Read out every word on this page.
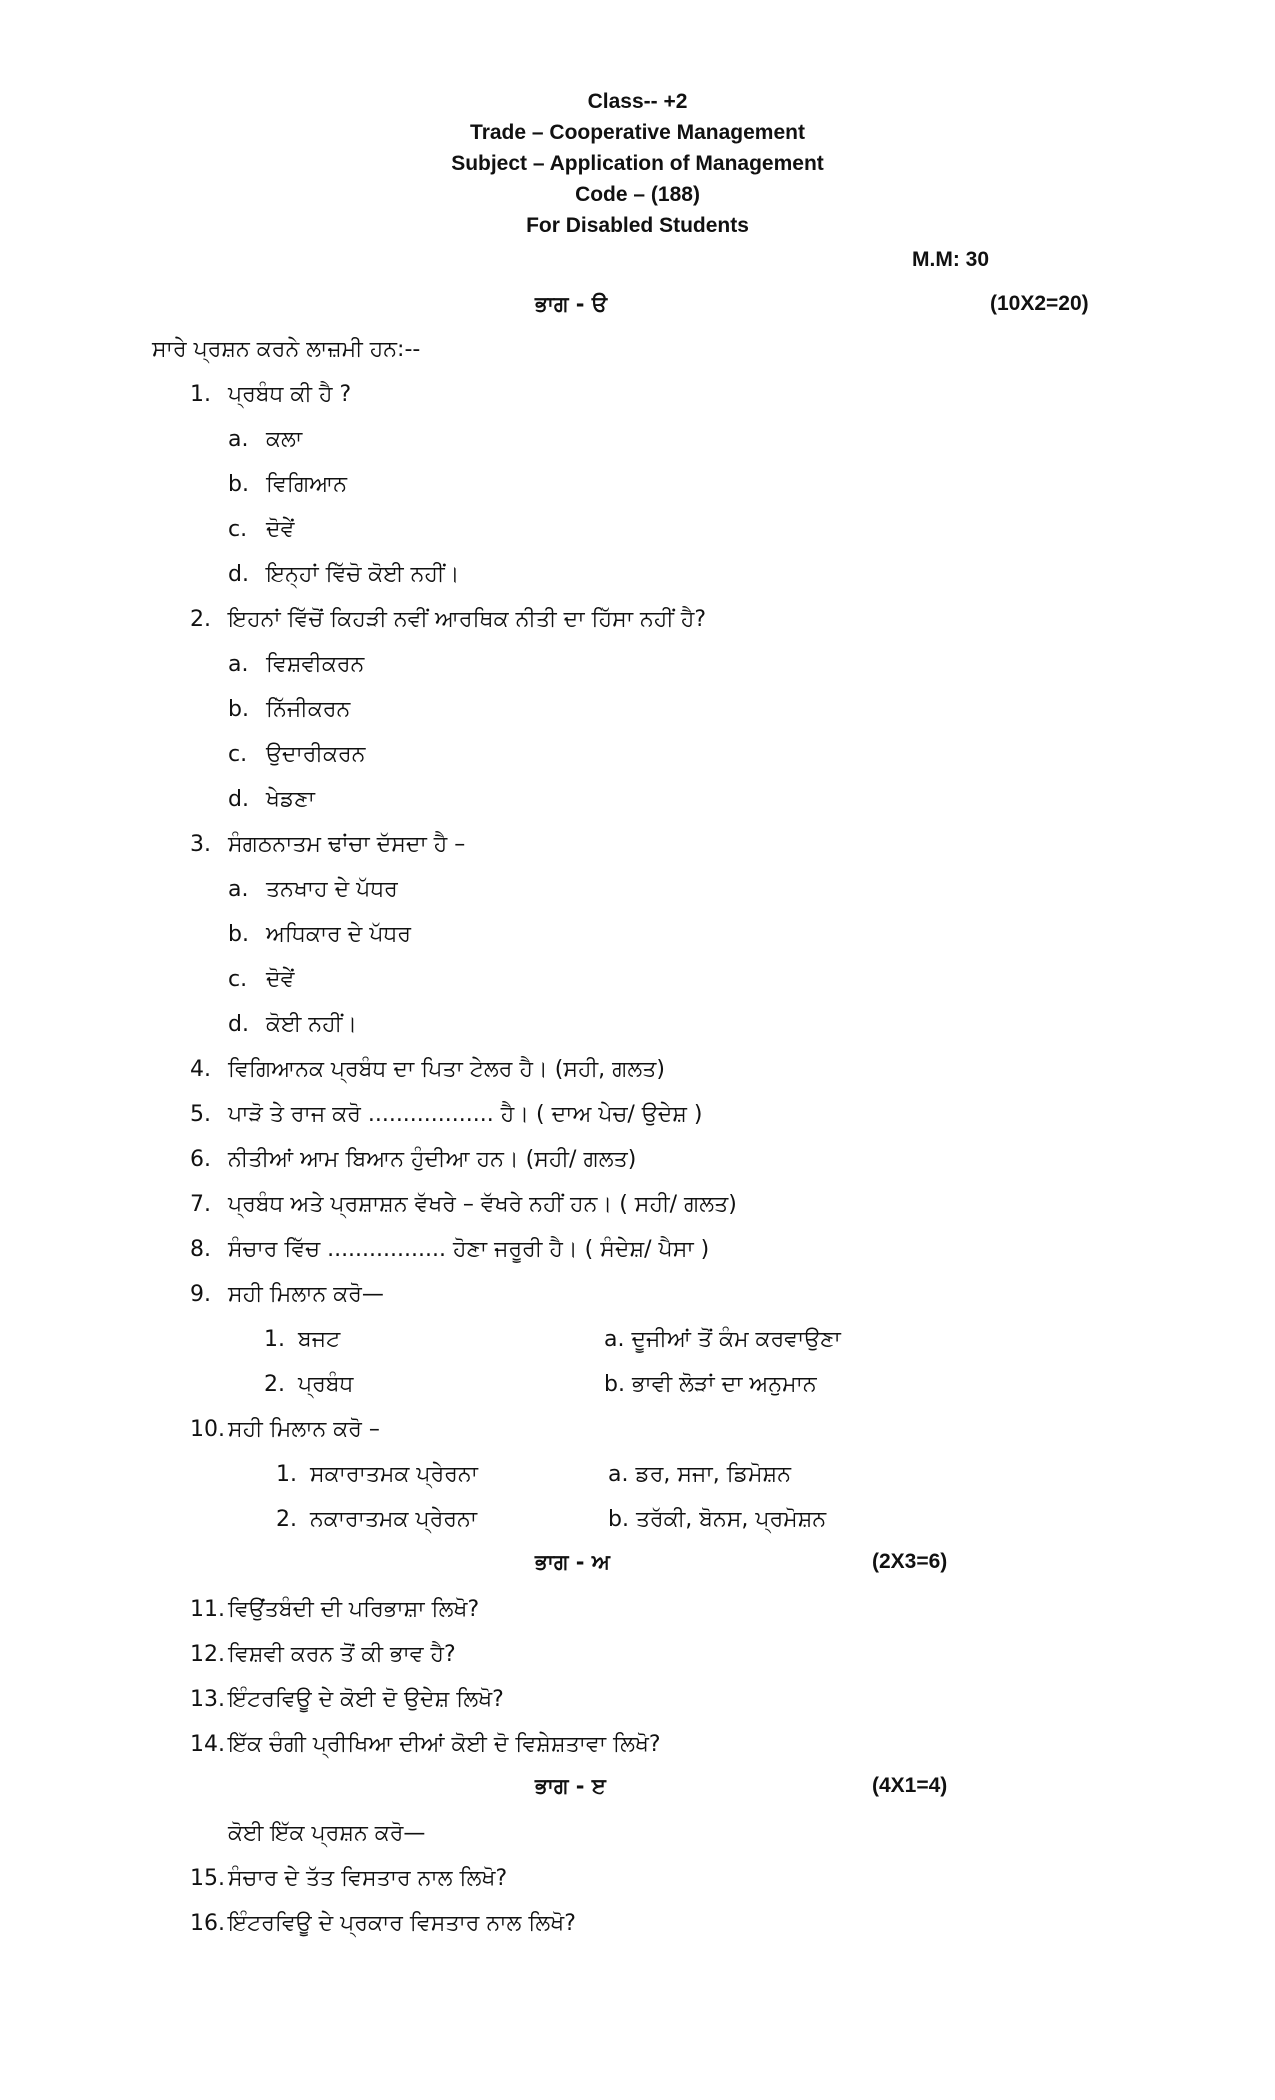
Class-- +2
Trade – Cooperative Management
Subject – Application of Management
Code – (188)
For Disabled Students
M.M: 30
ਭਾਗ - ੳ	(10X2=20)
ਸਾਰੇ ਪ੍ਰਸ਼ਨ ਕਰਨੇ ਲਾਜ਼ਮੀ ਹਨ:--
1. ਪ੍ਰਬੰਧ ਕੀ ਹੈ ?
a. ਕਲਾ
b. ਵਿਗਿਆਨ
c. ਦੋਵੇਂ
d. ਇਨ੍ਹਾਂ ਵਿੱਚੋ ਕੋਈ ਨਹੀਂ।
2. ਇਹਨਾਂ ਵਿੱਚੋਂ ਕਿਹੜੀ ਨਵੀਂ ਆਰਥਿਕ ਨੀਤੀ ਦਾ ਹਿੱਸਾ ਨਹੀਂ ਹੈ?
a. ਵਿਸ਼ਵੀਕਰਨ
b. ਨਿੱਜੀਕਰਨ
c. ਉਦਾਰੀਕਰਨ
d. ਖੇਡਣਾ
3. ਸੰਗਠਨਾਤਮ ਢਾਂਚਾ ਦੱਸਦਾ ਹੈ –
a. ਤਨਖਾਹ ਦੇ ਪੱਧਰ
b. ਅਧਿਕਾਰ ਦੇ ਪੱਧਰ
c. ਦੋਵੇਂ
d. ਕੋਈ ਨਹੀਂ।
4. ਵਿਗਿਆਨਕ ਪ੍ਰਬੰਧ ਦਾ ਪਿਤਾ ਟੇਲਰ ਹੈ। (ਸਹੀ, ਗਲਤ)
5. ਪਾੜੋ ਤੇ ਰਾਜ ਕਰੋ .................. ਹੈ। ( ਦਾਅ ਪੇਚ/ ਉਦੇਸ਼ )
6. ਨੀਤੀਆਂ ਆਮ ਬਿਆਨ ਹੁੰਦੀਆ ਹਨ। (ਸਹੀ/ ਗਲਤ)
7. ਪ੍ਰਬੰਧ ਅਤੇ ਪ੍ਰਸ਼ਾਸ਼ਨ ਵੱਖਰੇ – ਵੱਖਰੇ ਨਹੀਂ ਹਨ। ( ਸਹੀ/ ਗਲਤ)
8. ਸੰਚਾਰ ਵਿੱਚ ................. ਹੋਣਾ ਜਰੂਰੀ ਹੈ। ( ਸੰਦੇਸ਼/ ਪੈਸਾ )
9. ਸਹੀ ਮਿਲਾਨ ਕਰੋ—
1. ਬਜਟ	a. ਦੂਜੀਆਂ ਤੋਂ ਕੰਮ ਕਰਵਾਉਣਾ
2. ਪ੍ਰਬੰਧ	b. ਭਾਵੀ ਲੋੜਾਂ ਦਾ ਅਨੁਮਾਨ
10. ਸਹੀ ਮਿਲਾਨ ਕਰੋ –
1. ਸਕਾਰਾਤਮਕ ਪ੍ਰੇਰਨਾ	a. ਡਰ, ਸਜਾ, ਡਿਮੋਸ਼ਨ
2. ਨਕਾਰਾਤਮਕ ਪ੍ਰੇਰਨਾ	b. ਤਰੱਕੀ, ਬੋਨਸ, ਪ੍ਰਮੋਸ਼ਨ
ਭਾਗ - ਅ	(2X3=6)
11. ਵਿਉਂਤਬੰਦੀ ਦੀ ਪਰਿਭਾਸ਼ਾ ਲਿਖੋ?
12. ਵਿਸ਼ਵੀ ਕਰਨ ਤੋਂ ਕੀ ਭਾਵ ਹੈ?
13. ਇੰਟਰਵਿਊ ਦੇ ਕੋਈ ਦੋ ਉਦੇਸ਼ ਲਿਖੋ?
14. ਇੱਕ ਚੰਗੀ ਪ੍ਰੀਖਿਆ ਦੀਆਂ ਕੋਈ ਦੋ ਵਿਸ਼ੇਸ਼ਤਾਵਾ ਲਿਖੋ?
ਭਾਗ - ੲ	(4X1=4)
ਕੋਈ ਇੱਕ ਪ੍ਰਸ਼ਨ ਕਰੋ—
15. ਸੰਚਾਰ ਦੇ ਤੱਤ ਵਿਸਤਾਰ ਨਾਲ ਲਿਖੋ?
16. ਇੰਟਰਵਿਊ ਦੇ ਪ੍ਰਕਾਰ ਵਿਸਤਾਰ ਨਾਲ ਲਿਖੋ?
